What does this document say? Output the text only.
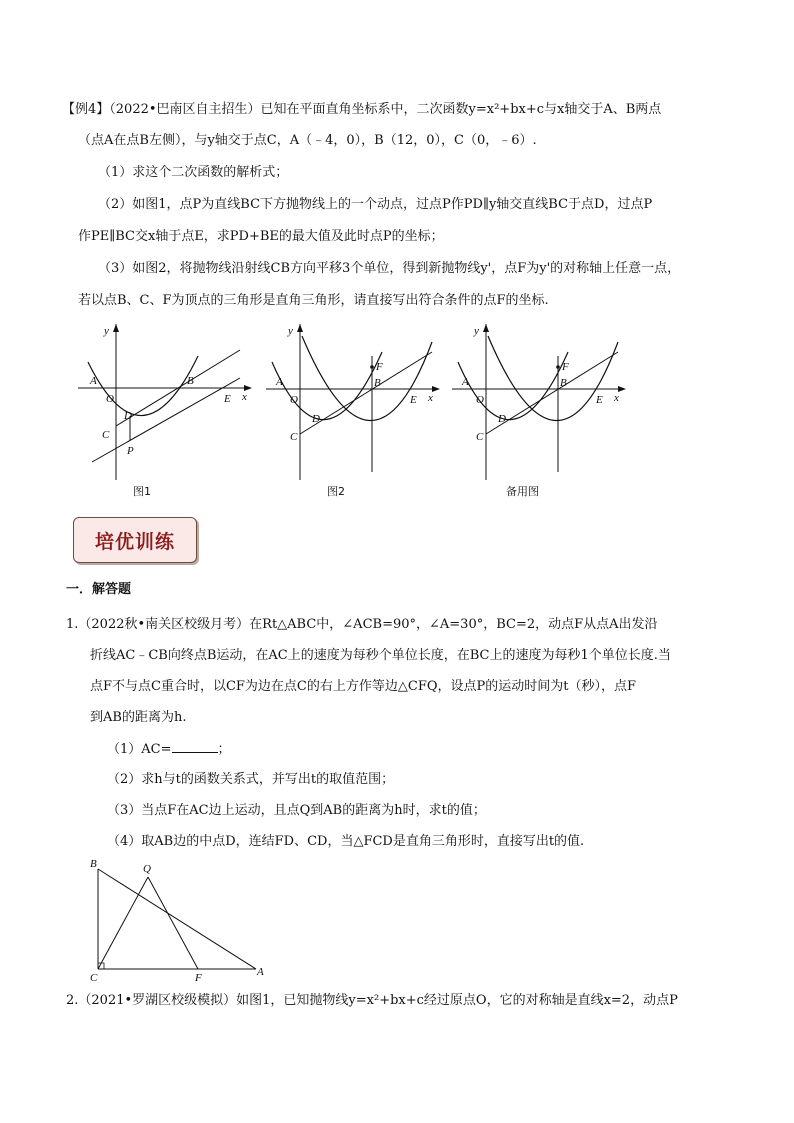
【例4】（2022•巴南区自主招生）已知在平面直角坐标系中，二次函数y=x²+bx+c与x轴交于A、B两点
（点A在点B左侧），与y轴交于点C，A（﹣4，0），B（12，0），C（0，﹣6）.
（1）求这个二次函数的解析式；
（2）如图1，点P为直线BC下方抛物线上的一个动点，过点P作PD∥y轴交直线BC于点D，过点P
作PE∥BC交x轴于点E，求PD+BE的最大值及此时点P的坐标；
（3）如图2，将抛物线沿射线CB方向平移3个单位，得到新抛物线y'，点F为y'的对称轴上任意一点，
若以点B、C、F为顶点的三角形是直角三角形，请直接写出符合条件的点F的坐标.
y
A
O
B
E x
D
C
P
y
F
A
O
B
E x
D
C
y
F
A
O
B
E x
D
C
图1	图2	备用图
培优训练
一．解答题
1.（2022秋•南关区校级月考）在Rt△ABC中，∠ACB=90°，∠A=30°，BC=2，动点F从点A出发沿
折线AC﹣CB向终点B运动，在AC上的速度为每秒个单位长度，在BC上的速度为每秒1个单位长度.当
点F不与点C重合时，以CF为边在点C的右上方作等边△CFQ，设点P的运动时间为t（秒），点F
到AB的距离为h.
（1）AC=	；
（2）求h与t的函数关系式，并写出t的取值范围；
（3）当点F在AC边上运动，且点Q到AB的距离为h时，求t的值；
（4）取AB边的中点D，连结FD、CD，当△FCD是直角三角形时，直接写出t的值.
B	Q
C	F	A
2.（2021•罗湖区校级模拟）如图1，已知抛物线y=x²+bx+c经过原点O，它的对称轴是直线x=2，动点P
